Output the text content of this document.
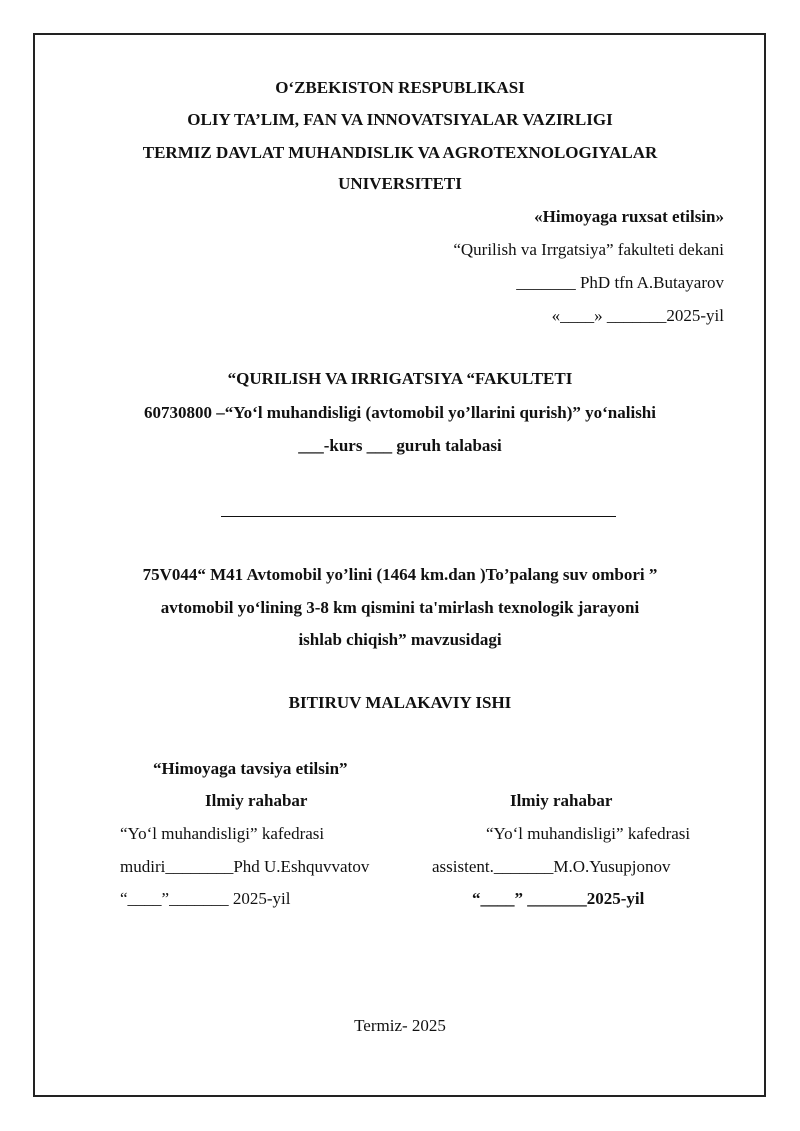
O‘ZBEKISTON RESPUBLIKASI
OLIY TA’LIM, FAN VA INNOVATSIYALAR VAZIRLIGI
TERMIZ DAVLAT MUHANDISLIK VA AGROTEXNOLOGIYALAR
UNIVERSITETI
«Himoyaga ruxsat etilsin»
“Qurilish va Irrgatsiya” fakulteti dekani
_______ PhD tfn A.Butayarov
«____» _______2025-yil
“QURILISH VA IRRIGATSIYA “FAKULTETI
60730800 –“Yo‘l muhandisligi (avtomobil yo’llarini qurish)” yo‘nalishi
___-kurs ___ guruh talabasi
75V044“ M41 Avtomobil yo’lini (1464 km.dan )To’palang suv ombori ”
avtomobil yo‘lining 3-8 km qismini ta'mirlash texnologik jarayoni
ishlab chiqish” mavzusidagi
BITIRUV MALAKAVIY ISHI
“Himoyaga tavsiya etilsin”
Ilmiy rahabar
“Yo‘l muhandisligi” kafedrasi
mudiri________Phd U.Eshquvvatov
“____”_______ 2025-yil
Ilmiy rahabar
“Yo‘l muhandisligi” kafedrasi
assistent._______M.O.Yusupjonov
“____” _______2025-yil
Termiz- 2025
